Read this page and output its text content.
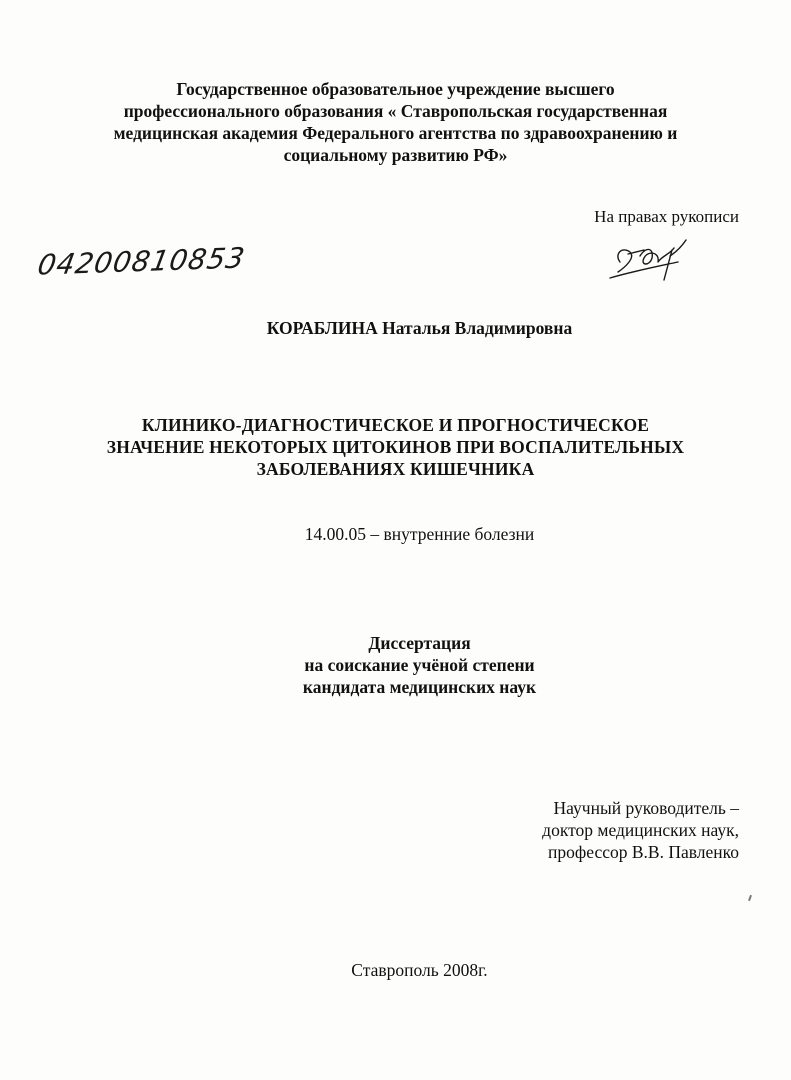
Государственное образовательное учреждение высшего
профессионального образования « Ставропольская государственная
медицинская академия Федерального агентства по здравоохранению и
социальному развитию РФ»
На правах рукописи
04200810853
КОРАБЛИНА Наталья Владимировна
КЛИНИКО-ДИАГНОСТИЧЕСКОЕ И ПРОГНОСТИЧЕСКОЕ
ЗНАЧЕНИЕ НЕКОТОРЫХ ЦИТОКИНОВ ПРИ ВОСПАЛИТЕЛЬНЫХ
ЗАБОЛЕВАНИЯХ КИШЕЧНИКА
14.00.05 – внутренние болезни
Диссертация
на соискание учёной степени
кандидата медицинских наук
Научный руководитель –
доктор медицинских наук,
профессор В.В. Павленко
Ставрополь 2008г.
